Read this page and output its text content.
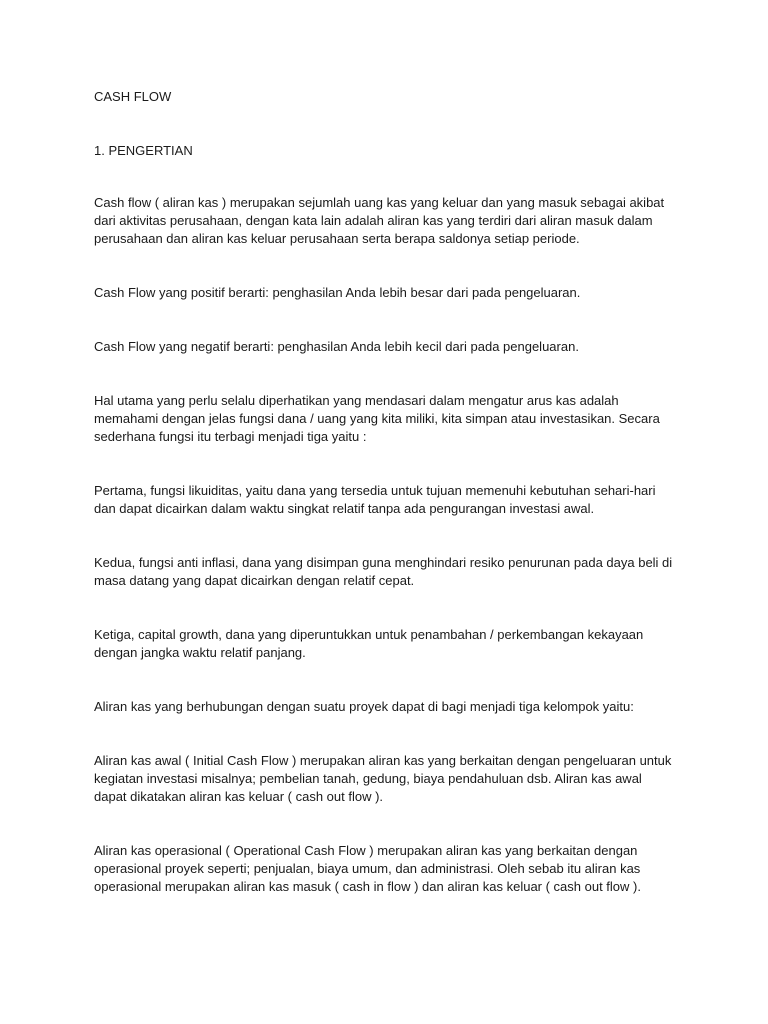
CASH FLOW

1. PENGERTIAN

Cash flow ( aliran kas ) merupakan sejumlah uang kas yang keluar dan yang masuk sebagai akibat dari aktivitas perusahaan, dengan kata lain adalah aliran kas yang terdiri dari aliran masuk dalam perusahaan dan aliran kas keluar perusahaan serta berapa saldonya setiap periode.

Cash Flow yang positif berarti: penghasilan Anda lebih besar dari pada pengeluaran.

Cash Flow yang negatif berarti: penghasilan Anda lebih kecil dari pada pengeluaran.

Hal utama yang perlu selalu diperhatikan yang mendasari dalam mengatur arus kas adalah memahami dengan jelas fungsi dana / uang yang kita miliki, kita simpan atau investasikan. Secara sederhana fungsi itu terbagi menjadi tiga yaitu :

Pertama, fungsi likuiditas, yaitu dana yang tersedia untuk tujuan memenuhi kebutuhan sehari-hari dan dapat dicairkan dalam waktu singkat relatif tanpa ada pengurangan investasi awal.

Kedua, fungsi anti inflasi, dana yang disimpan guna menghindari resiko penurunan pada daya beli di masa datang yang dapat dicairkan dengan relatif cepat.

Ketiga, capital growth, dana yang diperuntukkan untuk penambahan / perkembangan kekayaan dengan jangka waktu relatif panjang.

Aliran kas yang berhubungan dengan suatu proyek dapat di bagi menjadi tiga kelompok yaitu:

Aliran kas awal ( Initial Cash Flow ) merupakan aliran kas yang berkaitan dengan pengeluaran untuk kegiatan investasi misalnya; pembelian tanah, gedung, biaya pendahuluan dsb. Aliran kas awal dapat dikatakan aliran kas keluar ( cash out flow ).

Aliran kas operasional ( Operational Cash Flow ) merupakan aliran kas yang berkaitan dengan operasional proyek seperti; penjualan, biaya umum, dan administrasi. Oleh sebab itu aliran kas operasional merupakan aliran kas masuk ( cash in flow ) dan aliran kas keluar ( cash out flow ).
